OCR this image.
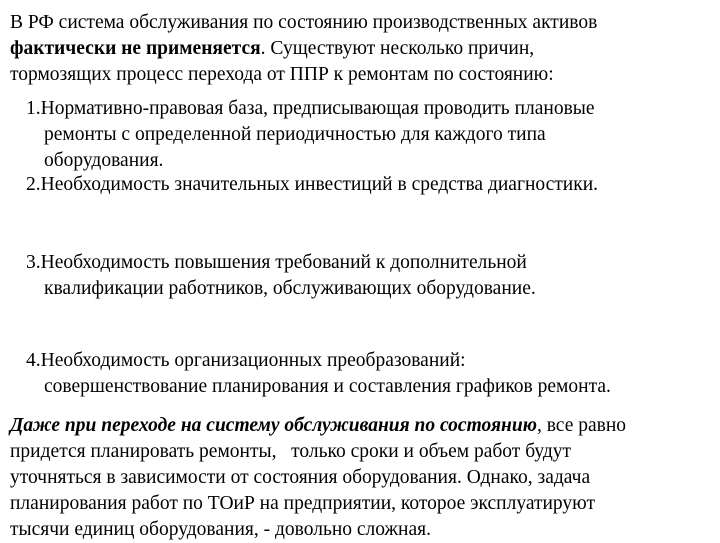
В РФ система обслуживания по состоянию производственных активов
фактически не применяется. Существуют несколько причин,
тормозящих процесс перехода от ППР к ремонтам по состоянию:
1.Нормативно-правовая база, предписывающая проводить плановые
ремонты с определенной периодичностью для каждого типа
оборудования.
2.Необходимость значительных инвестиций в средства диагностики.
3.Необходимость повышения требований к дополнительной
квалификации работников, обслуживающих оборудование.
4.Необходимость организационных преобразований:
совершенствование планирования и составления графиков ремонта.
Даже при переходе на систему обслуживания по состоянию, все равно
придется планировать ремонты,   только сроки и объем работ будут
уточняться в зависимости от состояния оборудования. Однако, задача
планирования работ по ТОиР на предприятии, которое эксплуатируют
тысячи единиц оборудования, - довольно сложная.
